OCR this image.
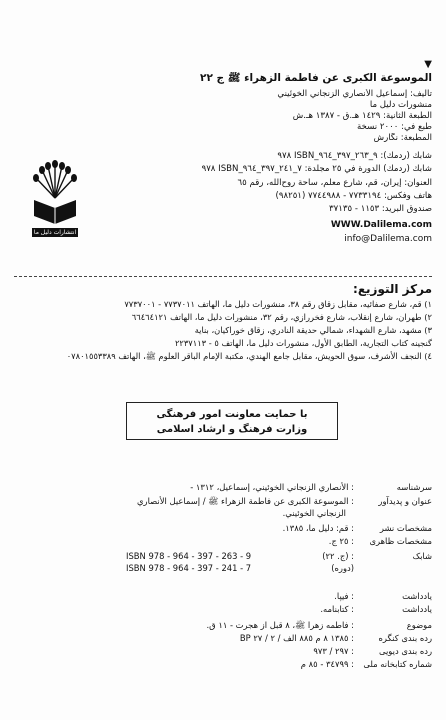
▼
الموسوعة الکبری عن فاطمة الزهراء ﷺ ج ٢٢
تألیف: إسماعیل الأنصاري الزنجاني الخوئیني
منشورات دلیل ما
الطبعة الثانیة: ١٤٢٩ هـ.ق - ١٣٨٧ هـ.ش
طبع في: ٢٠٠٠ نسخة
المطبعة: نگارش
شابك (ردمك): ٩_٢٦٣_٣٩٧_٩٦٤_ISBN ٩٧٨
شابك (ردمك) الدورة في ٢٥ مجلدة: ٧_٢٤١_٣٩٧_٩٦٤_ISBN ٩٧٨
العنوان: إیران، قم، شارع معلم، ساحة روح‌الله، رقم ٦٥
هاتف وفکس: ٧٧٣٣١٩٤ - ٧٧٤٤٩٨٨ (٩٨٢٥١)
صندوق البرید: ١١٥٣ - ٣٧١٣٥
WWW.Dalilema.com
info@Dalilema.com
انتشارات دلیل ما
مرکز التوزیع:
١) قم، شارع صفائیه، مقابل زقاق رقم ٣٨، منشورات دلیل ما، الهاتف ٧٧٣٧٠١١ - ٧٧٣٧٠٠١
٢) طهران، شارع إنقلاب، شارع فخررازي، رقم ٣٢، منشورات دلیل ما، الهاتف ٦٦٤٦٤١٢١
٣) مشهد، شارع الشهداء، شمالي حدیقة النادري، زقاق خوراکیان، بنایة
گنجینه کتاب التجاریة، الطابق الأول، منشورات دلیل ما، الهاتف ٥ - ٢٢٣٧١١٣
٤) النجف الأشرف، سوق الحویش، مقابل جامع الهندي، مکتبة الإمام الباقر العلوم ﷺ، الهاتف ٠٧٨٠١٥٥٣٣٨٩
با حمایت معاونت امور فرهنگی
وزارت فرهنگ و ارشاد اسلامی
سرشناسه
: الأنصاري الزنجاني الخوئیني، إسماعیل، ١٣١٢ -
عنوان و پدیدآور
: الموسوعة الکبری عن فاطمة الزهراء ﷺ / إسماعیل الأنصاري
الزنجاني الخوئیني.
مشخصات نشر
: قم: دلیل ما، ١٣٨٥.
مشخصات ظاهری
: ٢٥ ج.
شابک
: (ج. ٢٢)
ISBN 978 - 964 - 397 - 263 - 9
(دوره)
ISBN 978 - 964 - 397 - 241 - 7
یادداشت
: فیپا.
یادداشت
: کتابنامه.
موضوع
: فاطمه زهرا ﷺ، ٨ قبل از هجرت - ١١ ق.
رده بندی کنگره
: ١٣٨٥ ٨ م ٨٨٥ الف / ٢ / ٢٧ BP
رده بندی دیویی
: ٢٩٧ / ٩٧٣
شماره کتابخانه ملی
: ٣٤٧٩٩ - ٨٥ م
